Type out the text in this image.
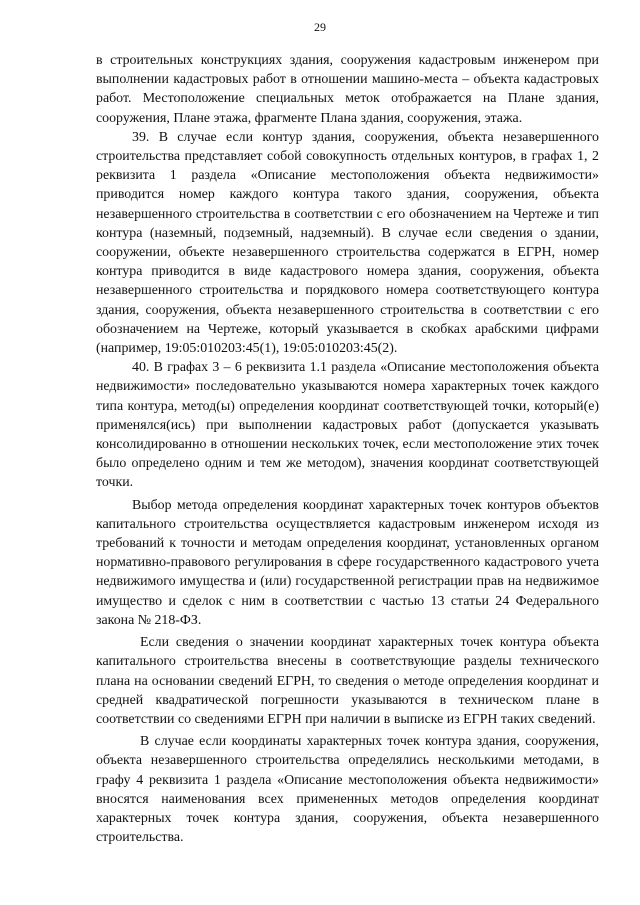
29

в строительных конструкциях здания, сооружения кадастровым инженером при выполнении кадастровых работ в отношении машино-места – объекта кадастровых работ. Местоположение специальных меток отображается на Плане здания, сооружения, Плане этажа, фрагменте Плана здания, сооружения, этажа.

39. В случае если контур здания, сооружения, объекта незавершенного строительства представляет собой совокупность отдельных контуров, в графах 1, 2 реквизита 1 раздела «Описание местоположения объекта недвижимости» приводится номер каждого контура такого здания, сооружения, объекта незавершенного строительства в соответствии с его обозначением на Чертеже и тип контура (наземный, подземный, надземный). В случае если сведения о здании, сооружении, объекте незавершенного строительства содержатся в ЕГРН, номер контура приводится в виде кадастрового номера здания, сооружения, объекта незавершенного строительства и порядкового номера соответствующего контура здания, сооружения, объекта незавершенного строительства в соответствии с его обозначением на Чертеже, который указывается в скобках арабскими цифрами (например, 19:05:010203:45(1), 19:05:010203:45(2).

40. В графах 3 – 6 реквизита 1.1 раздела «Описание местоположения объекта недвижимости» последовательно указываются номера характерных точек каждого типа контура, метод(ы) определения координат соответствующей точки, который(е) применялся(ись) при выполнении кадастровых работ (допускается указывать консолидированно в отношении нескольких точек, если местоположение этих точек было определено одним и тем же методом), значения координат соответствующей точки.

Выбор метода определения координат характерных точек контуров объектов капитального строительства осуществляется кадастровым инженером исходя из требований к точности и методам определения координат, установленных органом нормативно-правового регулирования в сфере государственного кадастрового учета недвижимого имущества и (или) государственной регистрации прав на недвижимое имущество и сделок с ним в соответствии с частью 13 статьи 24 Федерального закона № 218-ФЗ.

Если сведения о значении координат характерных точек контура объекта капитального строительства внесены в соответствующие разделы технического плана на основании сведений ЕГРН, то сведения о методе определения координат и средней квадратической погрешности указываются в техническом плане в соответствии со сведениями ЕГРН при наличии в выписке из ЕГРН таких сведений.

В случае если координаты характерных точек контура здания, сооружения, объекта незавершенного строительства определялись несколькими методами, в графу 4 реквизита 1 раздела «Описание местоположения объекта недвижимости» вносятся наименования всех примененных методов определения координат характерных точек контура здания, сооружения, объекта незавершенного строительства.
